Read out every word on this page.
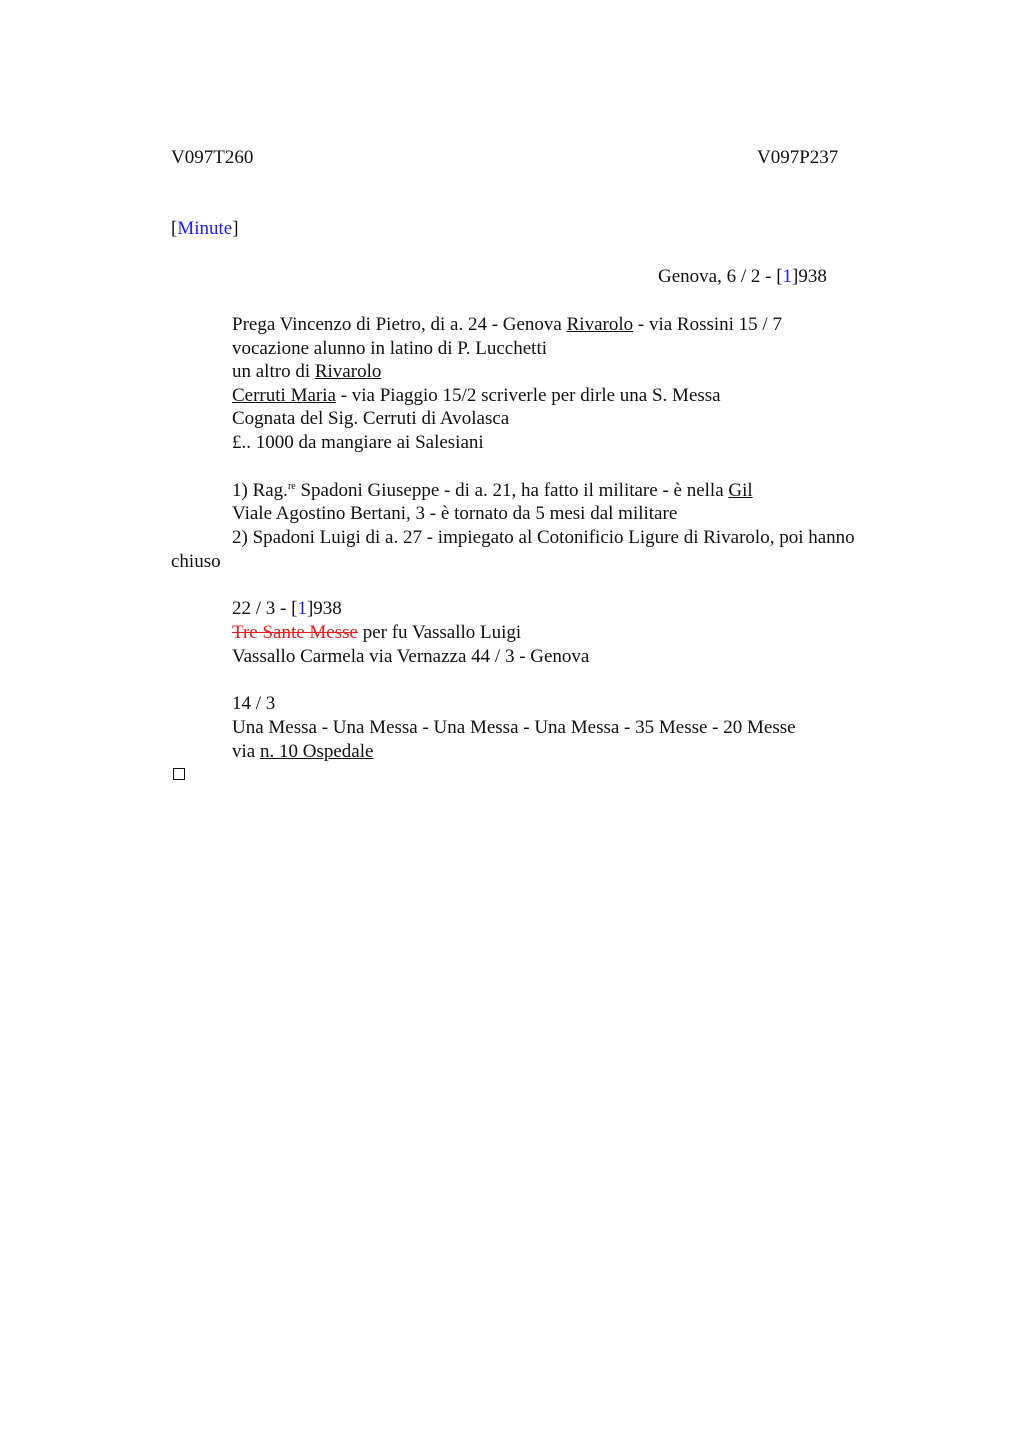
V097T260	V097P237
[Minute]
Genova, 6 / 2 - [1]938
Prega Vincenzo di Pietro, di a. 24 - Genova Rivarolo - via Rossini 15 / 7
vocazione alunno in latino di P. Lucchetti
un altro di Rivarolo
Cerruti Maria - via Piaggio 15/2 scriverle per dirle una S. Messa
Cognata del Sig. Cerruti di Avolasca
£.. 1000 da mangiare ai Salesiani
1) Rag.$^{re}$ Spadoni Giuseppe - di a. 21, ha fatto il militare - è nella Gil
Viale Agostino Bertani, 3 - è tornato da 5 mesi dal militare
2) Spadoni Luigi di a. 27 - impiegato al Cotonificio Ligure di Rivarolo, poi hanno
chiuso
22 / 3 - [1]938
Tre Sante Messe per fu Vassallo Luigi
Vassallo Carmela via Vernazza 44 / 3 - Genova
14 / 3
Una Messa - Una Messa - Una Messa - Una Messa - 35 Messe - 20 Messe
via n. 10 Ospedale
